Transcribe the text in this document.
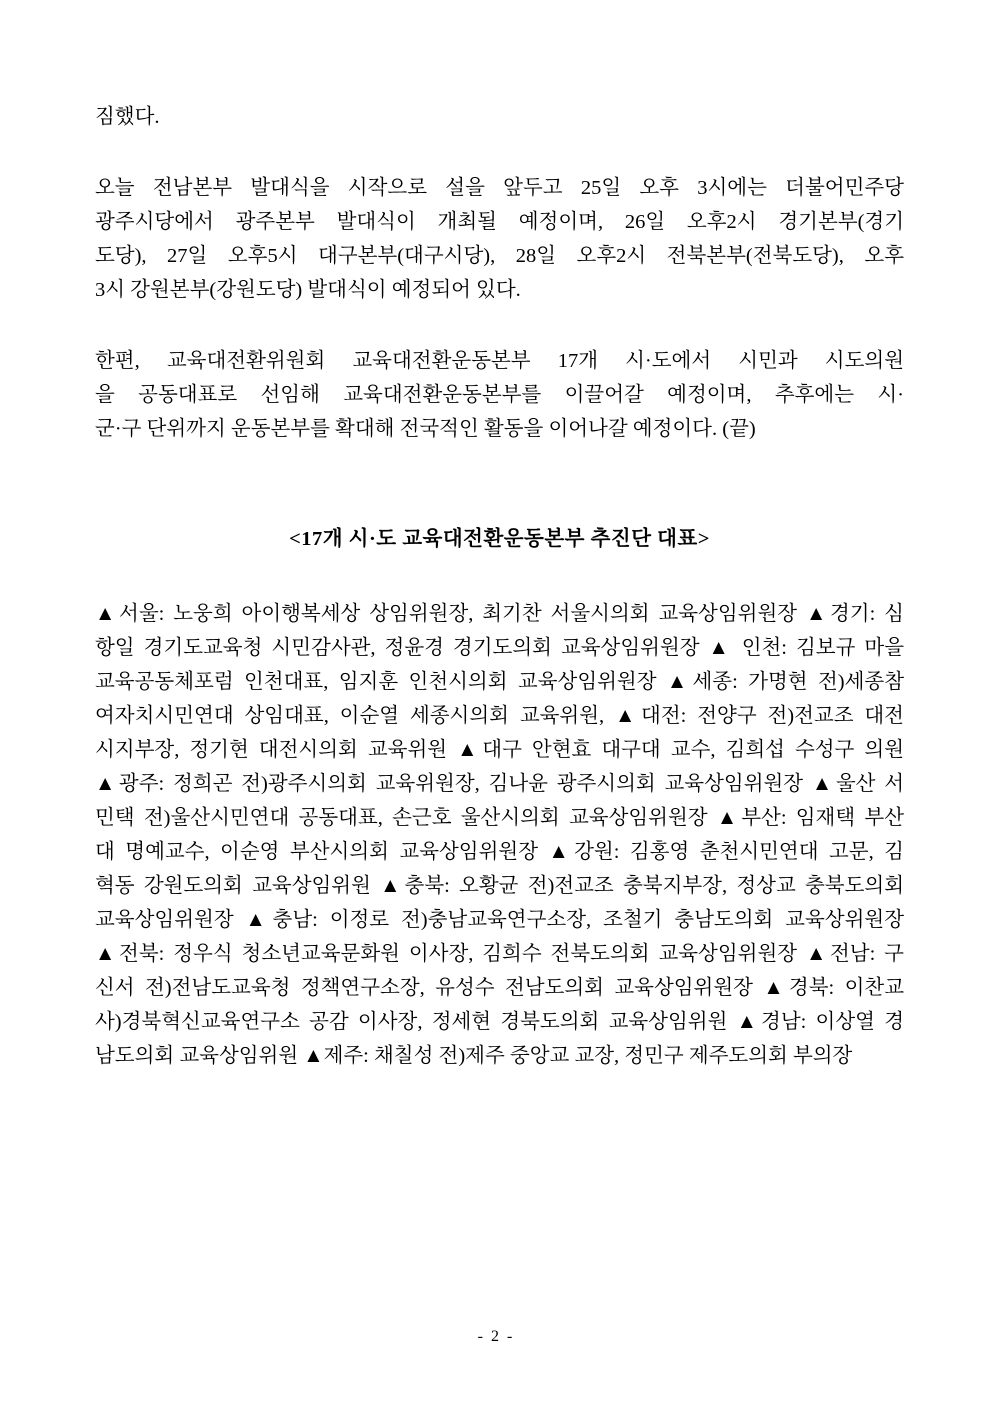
짐했다.
오늘 전남본부 발대식을 시작으로 설을 앞두고 25일 오후 3시에는 더불어민주당
광주시당에서 광주본부 발대식이 개최될 예정이며, 26일 오후2시 경기본부(경기
도당), 27일 오후5시 대구본부(대구시당), 28일 오후2시 전북본부(전북도당), 오후
3시 강원본부(강원도당) 발대식이 예정되어 있다.
한편, 교육대전환위원회 교육대전환운동본부 17개 시·도에서 시민과 시도의원
을 공동대표로 선임해 교육대전환운동본부를 이끌어갈 예정이며, 추후에는 시·
군·구 단위까지 운동본부를 확대해 전국적인 활동을 이어나갈 예정이다. (끝)
<17개 시·도 교육대전환운동본부 추진단 대표>
▲서울: 노웅희 아이행복세상 상임위원장, 최기찬 서울시의회 교육상임위원장 ▲경기: 심
항일 경기도교육청 시민감사관, 정윤경 경기도의회 교육상임위원장 ▲ 인천: 김보규 마을
교육공동체포럼 인천대표, 임지훈 인천시의회 교육상임위원장 ▲세종: 가명현 전)세종참
여자치시민연대 상임대표, 이순열 세종시의회 교육위원, ▲대전: 전양구 전)전교조 대전
시지부장, 정기현 대전시의회 교육위원 ▲대구 안현효 대구대 교수, 김희섭 수성구 의원
▲광주: 정희곤 전)광주시의회 교육위원장, 김나윤 광주시의회 교육상임위원장 ▲울산 서
민택 전)울산시민연대 공동대표, 손근호 울산시의회 교육상임위원장 ▲부산: 임재택 부산
대 명예교수, 이순영 부산시의회 교육상임위원장 ▲강원: 김홍영 춘천시민연대 고문, 김
혁동 강원도의회 교육상임위원 ▲충북: 오황균 전)전교조 충북지부장, 정상교 충북도의회
교육상임위원장 ▲충남: 이정로 전)충남교육연구소장, 조철기 충남도의회 교육상위원장
▲전북: 정우식 청소년교육문화원 이사장, 김희수 전북도의회 교육상임위원장 ▲전남: 구
신서 전)전남도교육청 정책연구소장, 유성수 전남도의회 교육상임위원장 ▲경북: 이찬교
사)경북혁신교육연구소 공감 이사장, 정세현 경북도의회 교육상임위원 ▲경남: 이상열 경
남도의회 교육상임위원 ▲제주: 채칠성 전)제주 중앙교 교장, 정민구 제주도의회 부의장
- 2 -
